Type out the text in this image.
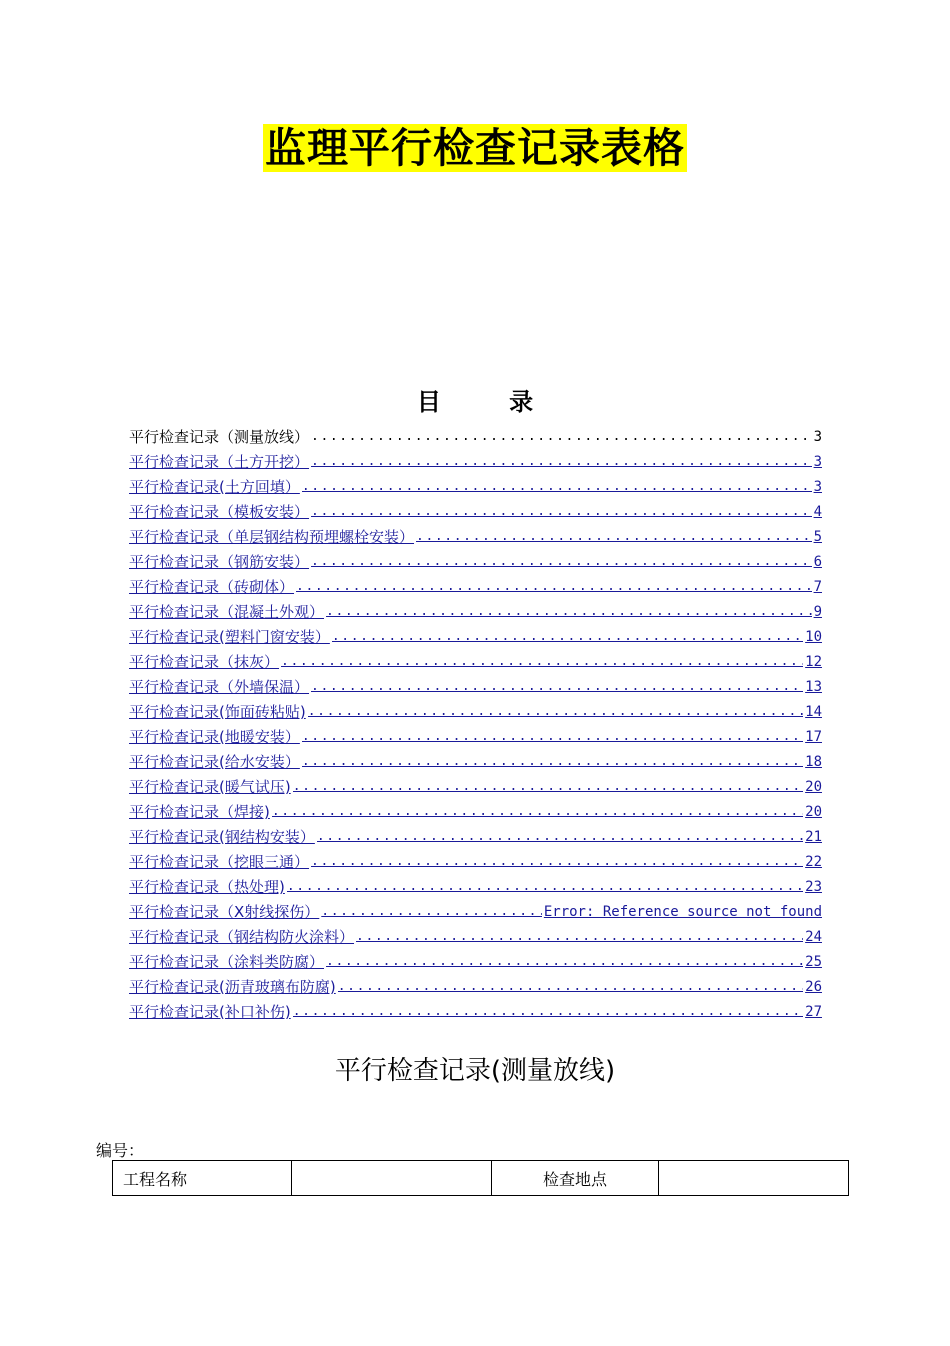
监理平行检查记录表格
目 录
平行检查记录（测量放线） .....	3
平行检查记录（土方开挖） .....	3
平行检查记录(土方回填） .....	3
平行检查记录（模板安装） .....	4
平行检查记录（单层钢结构预埋螺栓安装） .....	5
平行检查记录（钢筋安装） .....	6
平行检查记录（砖砌体） .....	7
平行检查记录（混凝土外观） .....	9
平行检查记录(塑料门窗安装） .....	10
平行检查记录（抹灰） .....	12
平行检查记录（外墙保温） .....	13
平行检查记录(饰面砖粘贴) .....	14
平行检查记录(地暖安装） .....	17
平行检查记录(给水安装） .....	18
平行检查记录(暖气试压) .....	20
平行检查记录（焊接) .....	20
平行检查记录(钢结构安装） .....	21
平行检查记录（挖眼三通） .....	22
平行检查记录（热处理) .....	23
平行检查记录（X射线探伤） .....	Error: Reference source not found
平行检查记录（钢结构防火涂料） .....	24
平行检查记录（涂料类防腐） .....	25
平行检查记录(沥青玻璃布防腐) .....	26
平行检查记录(补口补伤) .....	27
平行检查记录(测量放线)
编号：
工程名称		检查地点	
